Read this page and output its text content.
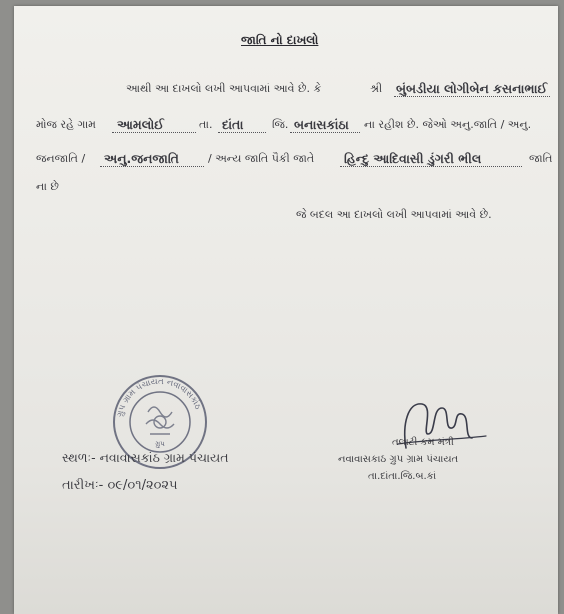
જાતિ નો દાખલો
આથી આ દાખલો લખી આપવામાં આવે છે. કે	શ્રી બુંબડીયા લોગીબેન કસનાભાઈ
મોજ રહે ગામ આમલોઈ	તા. દાંતા	જિ. બનાસકાંઠા ના રહીશ છે. જેઓ અનુ.જાતિ / અનુ.
જનજાતિ / અનુ.જનજાતિ	/ અન્ય જાતિ પૈકી જાતે હિન્દુ આદિવાસી ડુંગરી ભીલ	જાતિ
ના છે
જે બદલ આ દાખલો લખી આપવામાં આવે છે.
ગ્રુપ ગ્રામ પંચાયત નવાવાસકાંઠ
ગ્રુપ
સ્થળઃ- નવાવાસકાંઠ ગ્રામ પંચાયત
તારીખઃ- ૦૯/૦૧/૨૦૨૫
તલાટી કમ મંત્રી
નવાવાસકાઠ ગ્રુપ ગ્રામ પંચાયત
તા.દાંતા.જિ.બ.કાં
